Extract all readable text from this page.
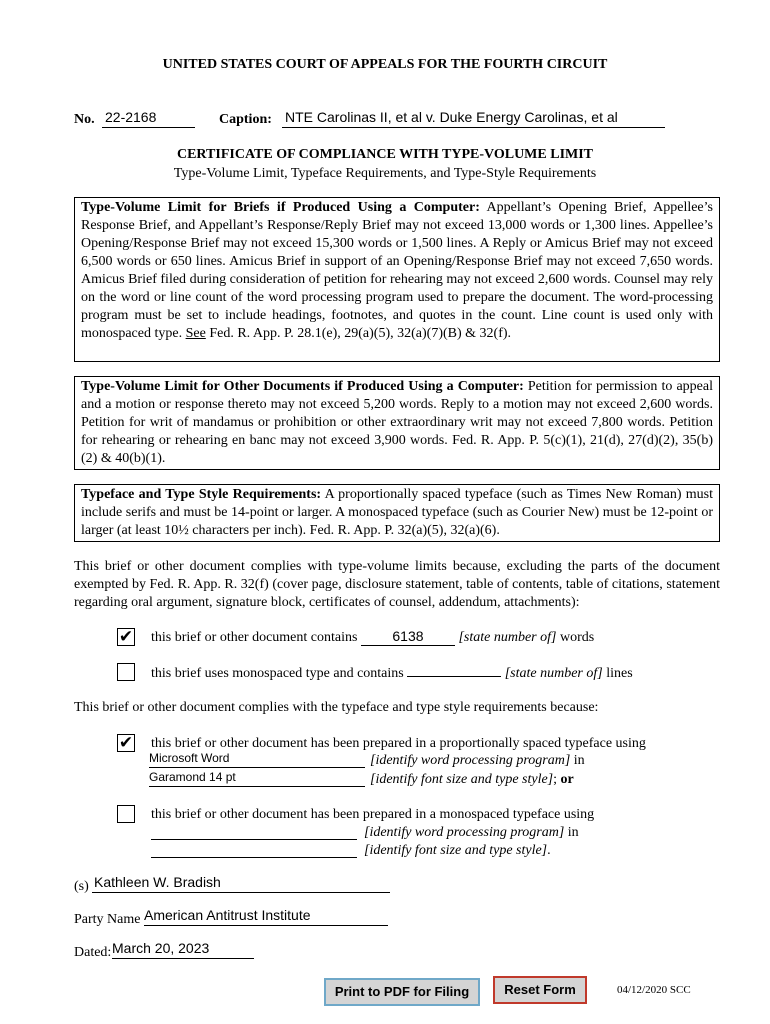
UNITED STATES COURT OF APPEALS FOR THE FOURTH CIRCUIT
No. 22-2168	Caption: NTE Carolinas II, et al v. Duke Energy Carolinas, et al
CERTIFICATE OF COMPLIANCE WITH TYPE-VOLUME LIMIT
Type-Volume Limit, Typeface Requirements, and Type-Style Requirements
Type-Volume Limit for Briefs if Produced Using a Computer: Appellant’s Opening Brief, Appellee’s Response Brief, and Appellant’s Response/Reply Brief may not exceed 13,000 words or 1,300 lines. Appellee’s Opening/Response Brief may not exceed 15,300 words or 1,500 lines. A Reply or Amicus Brief may not exceed 6,500 words or 650 lines. Amicus Brief in support of an Opening/Response Brief may not exceed 7,650 words. Amicus Brief filed during consideration of petition for rehearing may not exceed 2,600 words. Counsel may rely on the word or line count of the word processing program used to prepare the document. The word-processing program must be set to include headings, footnotes, and quotes in the count. Line count is used only with monospaced type. See Fed. R. App. P. 28.1(e), 29(a)(5), 32(a)(7)(B) & 32(f).
Type-Volume Limit for Other Documents if Produced Using a Computer: Petition for permission to appeal and a motion or response thereto may not exceed 5,200 words. Reply to a motion may not exceed 2,600 words. Petition for writ of mandamus or prohibition or other extraordinary writ may not exceed 7,800 words. Petition for rehearing or rehearing en banc may not exceed 3,900 words. Fed. R. App. P. 5(c)(1), 21(d), 27(d)(2), 35(b)(2) & 40(b)(1).
Typeface and Type Style Requirements: A proportionally spaced typeface (such as Times New Roman) must include serifs and must be 14-point or larger. A monospaced typeface (such as Courier New) must be 12-point or larger (at least 10½ characters per inch). Fed. R. App. P. 32(a)(5), 32(a)(6).
This brief or other document complies with type-volume limits because, excluding the parts of the document exempted by Fed. R. App. R. 32(f) (cover page, disclosure statement, table of contents, table of citations, statement regarding oral argument, signature block, certificates of counsel, addendum, attachments):
✔ this brief or other document contains 6138 [state number of] words
this brief uses monospaced type and contains	[state number of] lines
This brief or other document complies with the typeface and type style requirements because:
✔ this brief or other document has been prepared in a proportionally spaced typeface using
Microsoft Word	[identify word processing program] in
Garamond 14 pt	[identify font size and type style]; or
this brief or other document has been prepared in a monospaced typeface using
[identify word processing program] in
[identify font size and type style].
(s) Kathleen W. Bradish
Party Name American Antitrust Institute
Dated: March 20, 2023
Print to PDF for Filing	Reset Form	04/12/2020 SCC
